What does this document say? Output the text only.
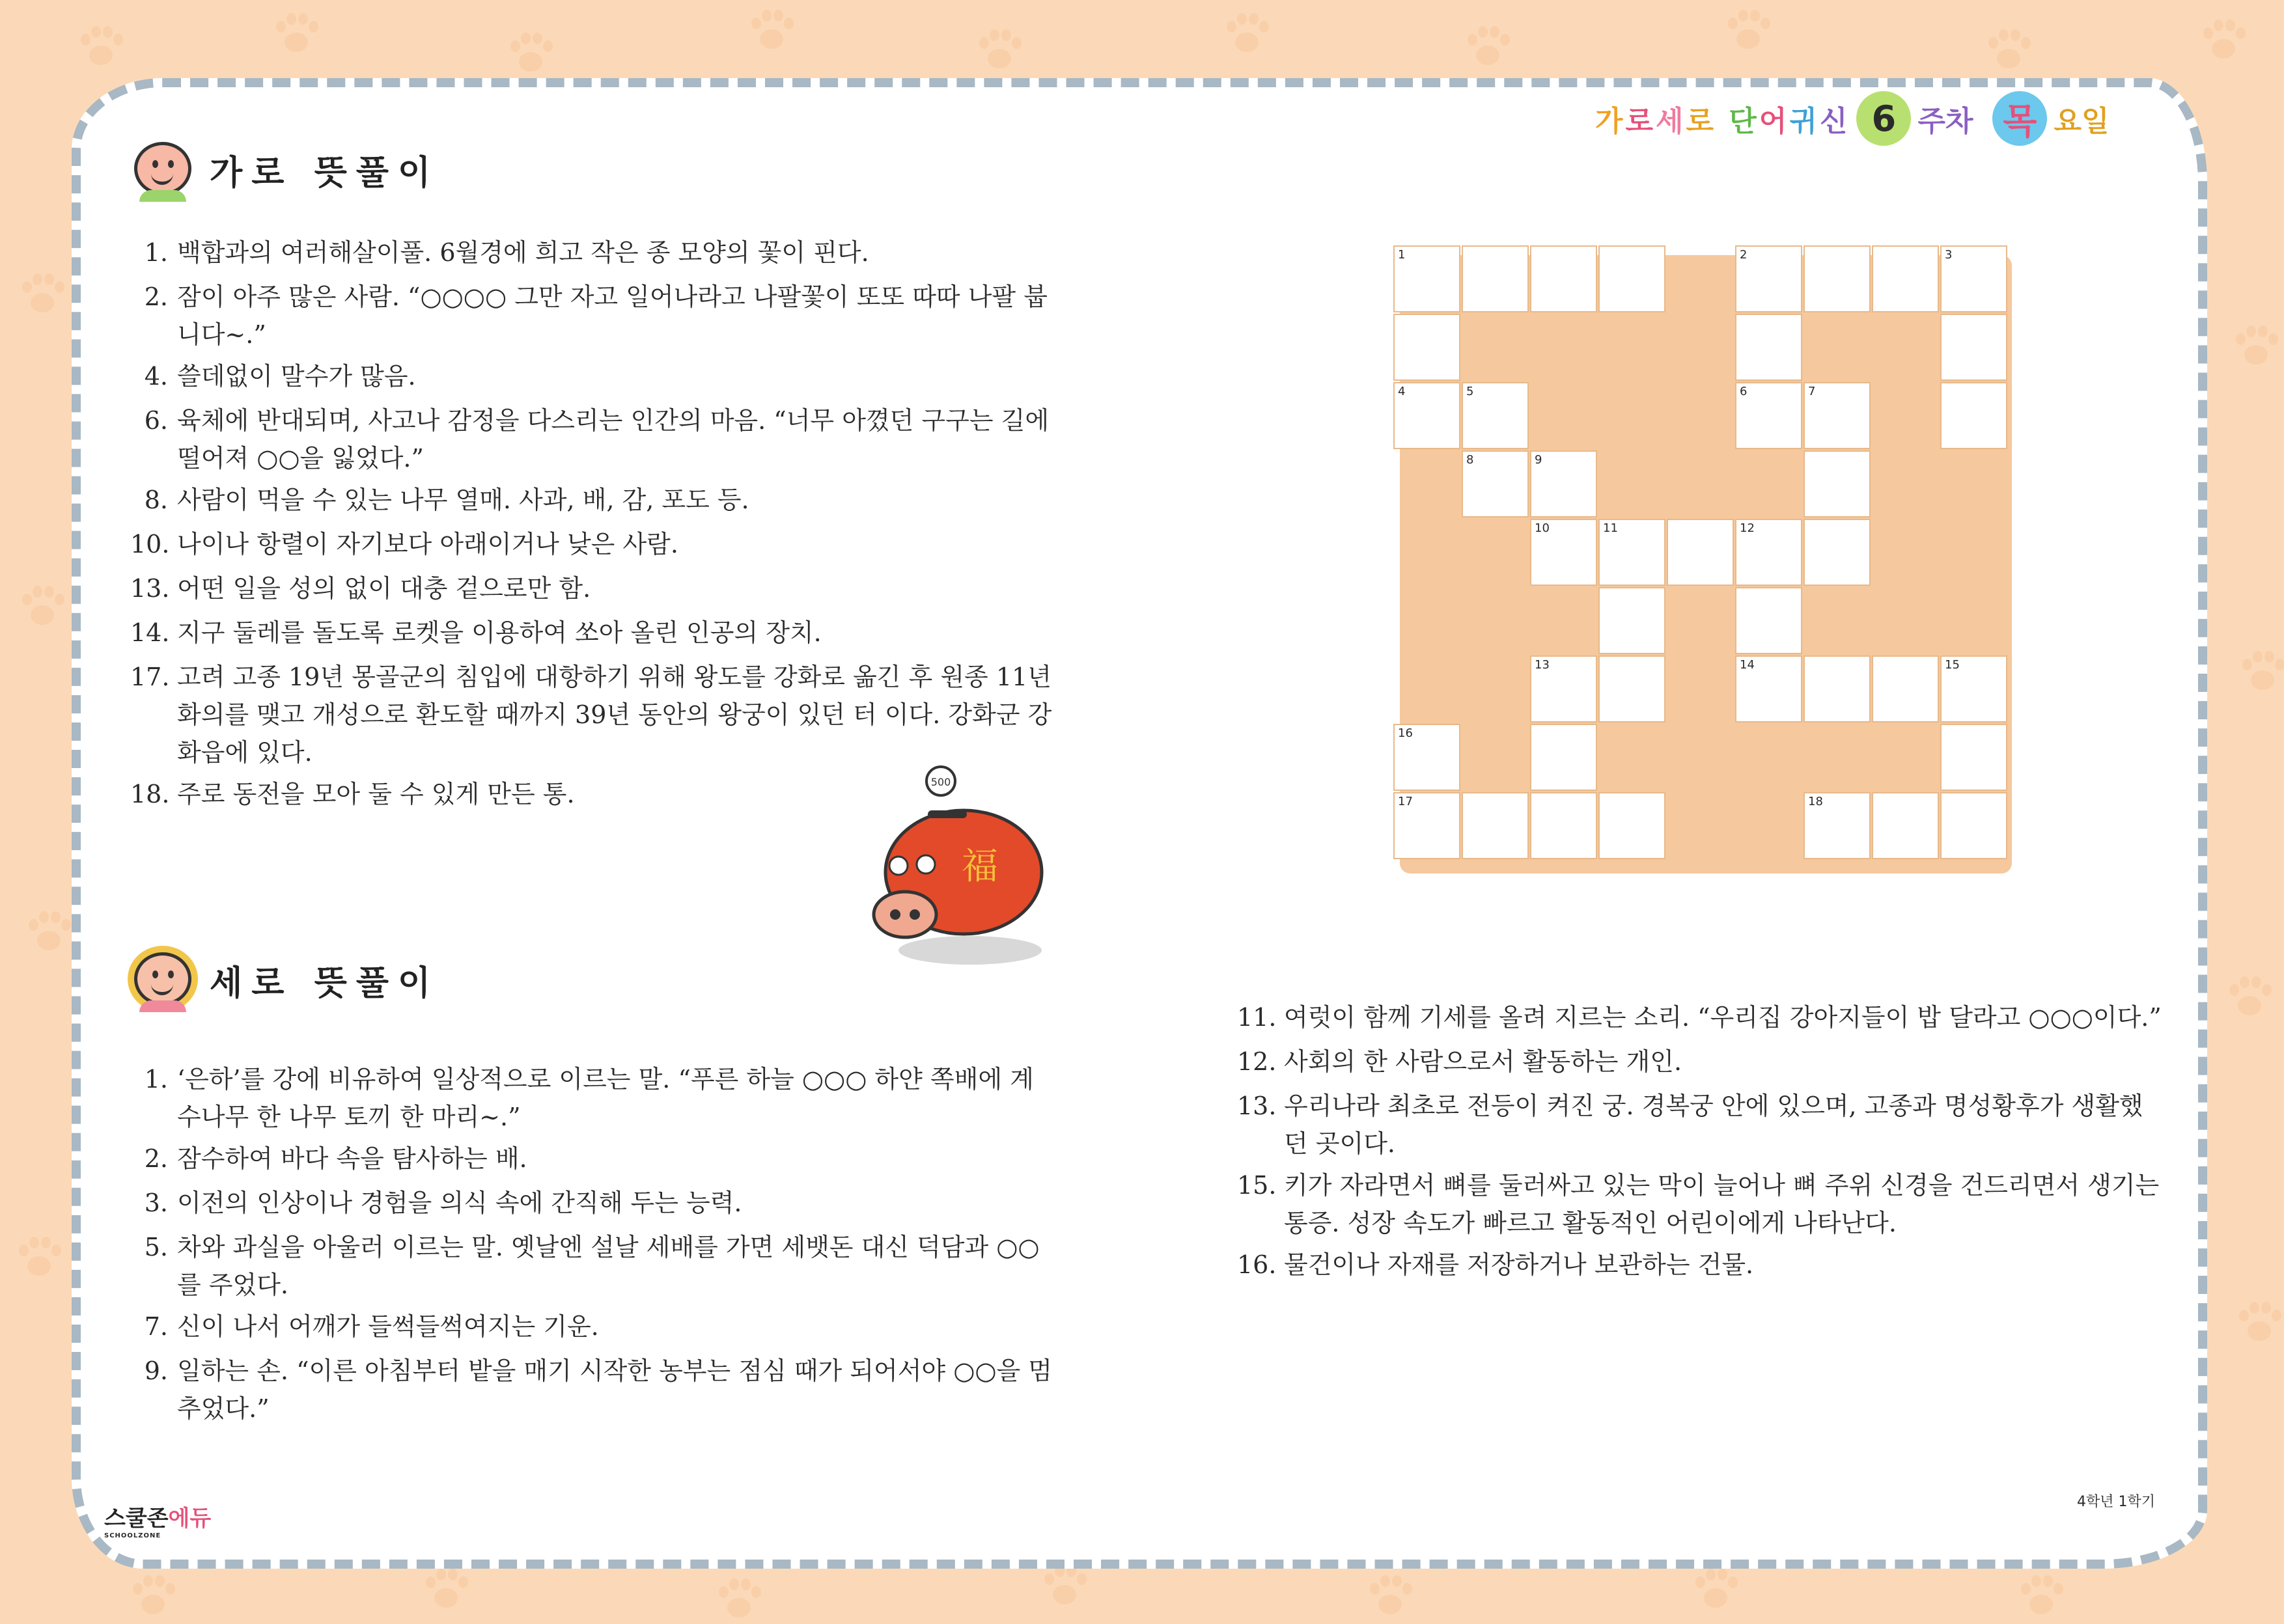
가로세로 단어귀신 6 주차 목 요일
가로 뜻풀이
1. 백합과의 여러해살이풀. 6월경에 희고 작은 종 모양의 꽃이 핀다.
2. 잠이 아주 많은 사람. “○○○○ 그만 자고 일어나라고 나팔꽃이 또또 따따 나팔 붑니다~.”
4. 쓸데없이 말수가 많음.
6. 육체에 반대되며, 사고나 감정을 다스리는 인간의 마음. “너무 아꼈던 구구는 길에 떨어져 ○○을 잃었다.”
8. 사람이 먹을 수 있는 나무 열매. 사과, 배, 감, 포도 등.
10. 나이나 항렬이 자기보다 아래이거나 낮은 사람.
13. 어떤 일을 성의 없이 대충 겉으로만 함.
14. 지구 둘레를 돌도록 로켓을 이용하여 쏘아 올린 인공의 장치.
17. 고려 고종 19년 몽골군의 침입에 대항하기 위해 왕도를 강화로 옮긴 후 원종 11년 화의를 맺고 개성으로 환도할 때까지 39년 동안의 왕궁이 있던 터 이다. 강화군 강화읍에 있다.
18. 주로 동전을 모아 둘 수 있게 만든 통.	500
福
세로 뜻풀이
1. ‘은하’를 강에 비유하여 일상적으로 이르는 말. “푸른 하늘 ○○○ 하얀 쪽배에 계수나무 한 나무 토끼 한 마리~.”
2. 잠수하여 바다 속을 탐사하는 배.
3. 이전의 인상이나 경험을 의식 속에 간직해 두는 능력.
5. 차와 과실을 아울러 이르는 말. 옛날엔 설날 세배를 가면 세뱃돈 대신 덕담과 ○○를 주었다.
7. 신이 나서 어깨가 들썩들썩여지는 기운.
9. 일하는 손. “이른 아침부터 밭을 매기 시작한 농부는 점심 때가 되어서야 ○○을 멈추었다.”
11. 여럿이 함께 기세를 올려 지르는 소리. “우리집 강아지들이 밥 달라고 ○○○이다.”
12. 사회의 한 사람으로서 활동하는 개인.
13. 우리나라 최초로 전등이 켜진 궁. 경복궁 안에 있으며, 고종과 명성황후가 생활했던 곳이다.
15. 키가 자라면서 뼈를 둘러싸고 있는 막이 늘어나 뼈 주위 신경을 건드리면서 생기는 통증. 성장 속도가 빠르고 활동적인 어린이에게 나타난다.
16. 물건이나 자재를 저장하거나 보관하는 건물.
1	2	3
4	5	6	7
8	9
10	11	12
13	14	15
16
17	18
스쿨존에듀
SCHOOLZONE
4학년 1학기
